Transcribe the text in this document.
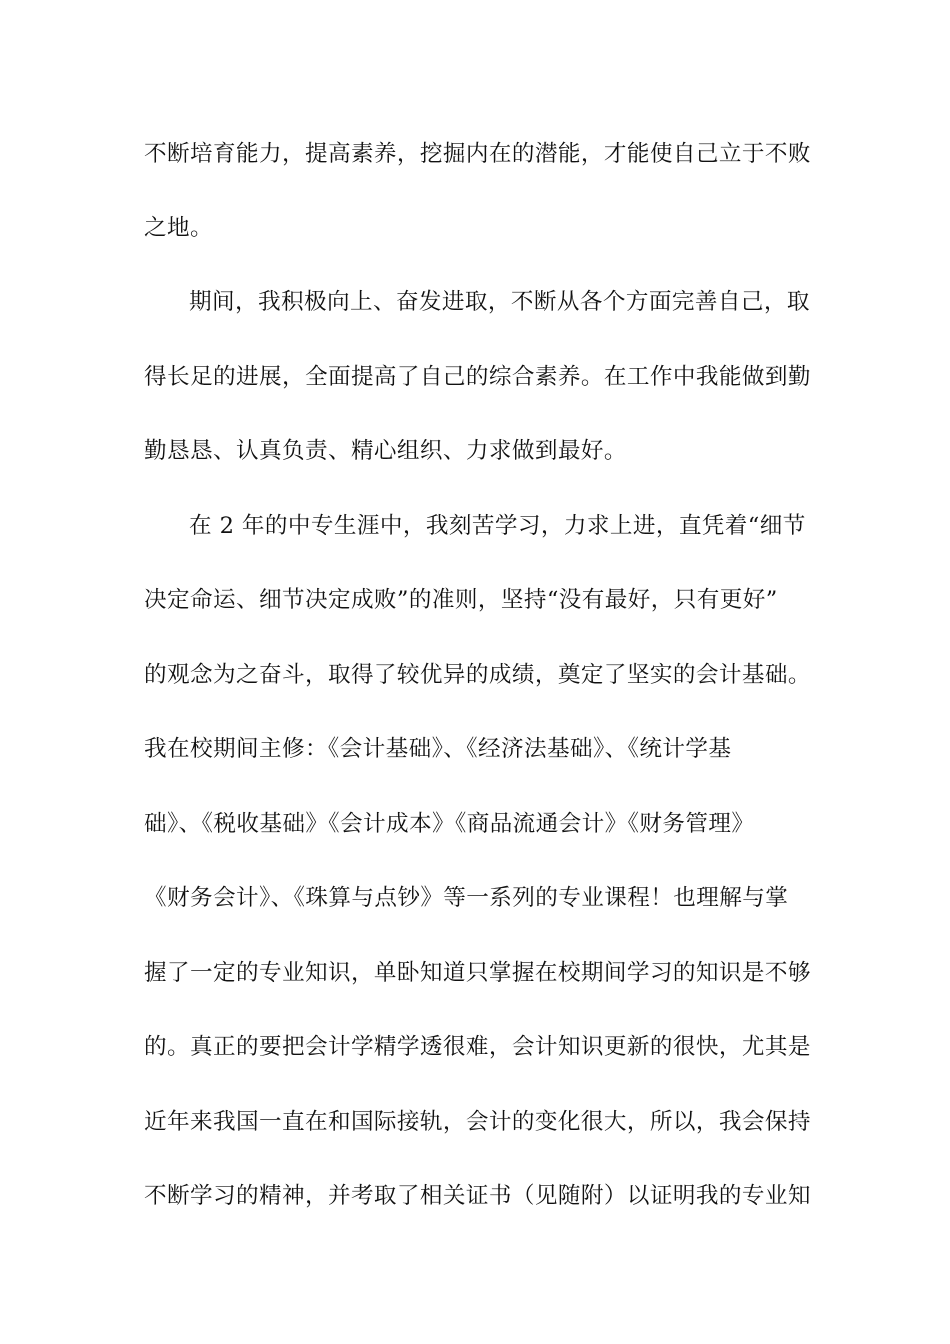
不断培育能力，提高素养，挖掘内在的潜能，才能使自己立于不败
之地。
期间，我积极向上、奋发进取，不断从各个方面完善自己，取
得长足的进展，全面提高了自己的综合素养。在工作中我能做到勤
勤恳恳、认真负责、精心组织、力求做到最好。
在 2 年的中专生涯中，我刻苦学习，力求上进，直凭着“细节
决定命运、细节决定成败”的准则，坚持“没有最好，只有更好”
的观念为之奋斗，取得了较优异的成绩，奠定了坚实的会计基础。
我在校期间主修：《会计基础》、《经济法基础》、《统计学基
础》、《税收基础》《会计成本》《商品流通会计》《财务管理》
《财务会计》、《珠算与点钞》等一系列的专业课程！也理解与掌
握了一定的专业知识，单卧知道只掌握在校期间学习的知识是不够
的。真正的要把会计学精学透很难，会计知识更新的很快，尤其是
近年来我国一直在和国际接轨，会计的变化很大，所以，我会保持
不断学习的精神，并考取了相关证书（见随附）以证明我的专业知
